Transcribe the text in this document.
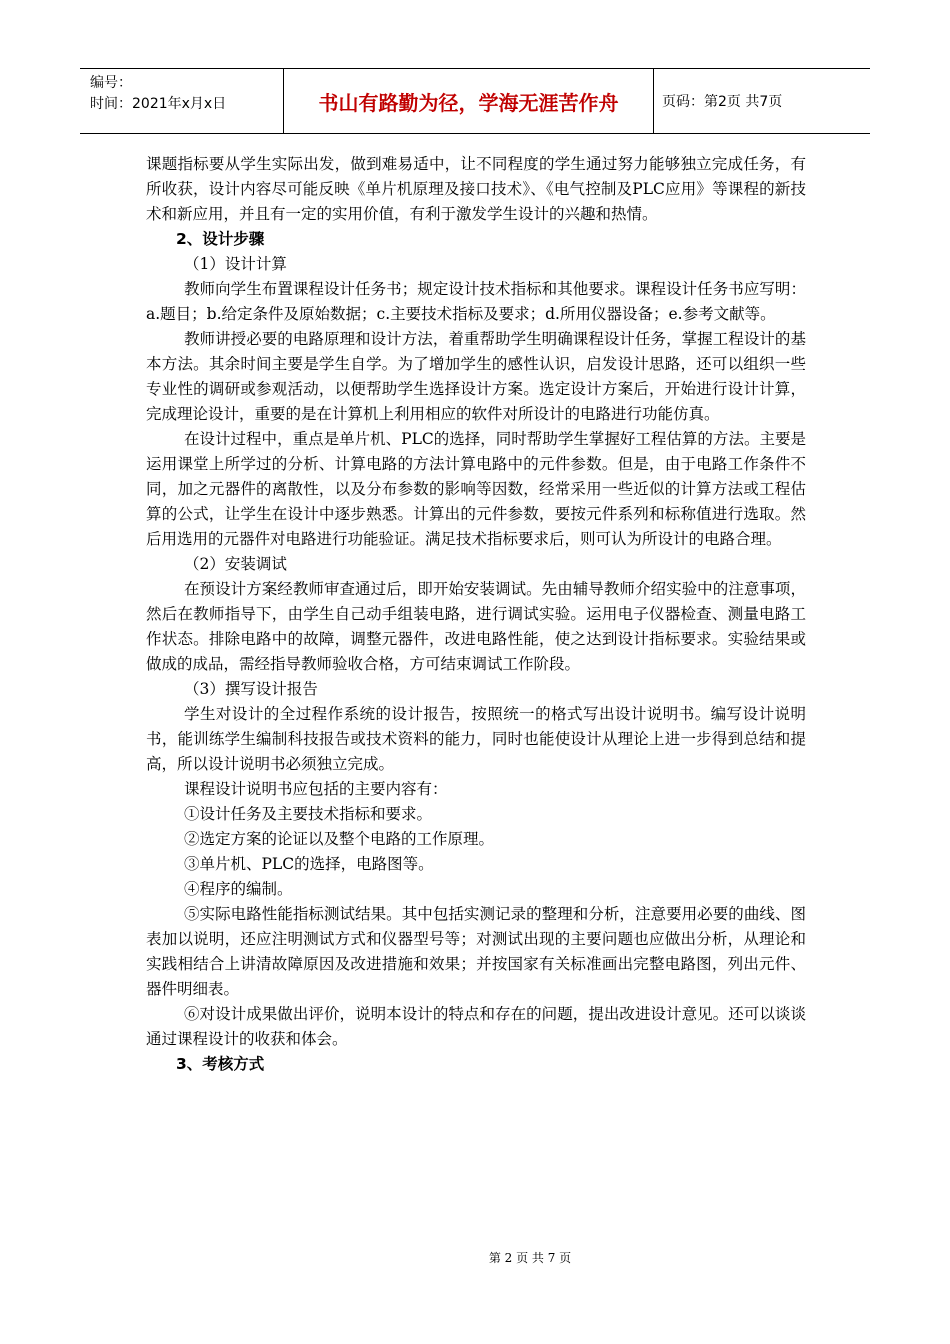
编号：
时间：2021年x月x日	书山有路勤为径，学海无涯苦作舟	页码：第2页 共7页

课题指标要从学生实际出发，做到难易适中，让不同程度的学生通过努力能够独立完成任务，有所收获，设计内容尽可能反映《单片机原理及接口技术》、《电气控制及PLC应用》等课程的新技术和新应用，并且有一定的实用价值，有利于激发学生设计的兴趣和热情。

2、设计步骤

（1）设计计算

教师向学生布置课程设计任务书；规定设计技术指标和其他要求。课程设计任务书应写明：a.题目；b.给定条件及原始数据；c.主要技术指标及要求；d.所用仪器设备；e.参考文献等。

教师讲授必要的电路原理和设计方法，着重帮助学生明确课程设计任务，掌握工程设计的基本方法。其余时间主要是学生自学。为了增加学生的感性认识，启发设计思路，还可以组织一些专业性的调研或参观活动，以便帮助学生选择设计方案。选定设计方案后，开始进行设计计算，完成理论设计，重要的是在计算机上利用相应的软件对所设计的电路进行功能仿真。

在设计过程中，重点是单片机、PLC的选择，同时帮助学生掌握好工程估算的方法。主要是运用课堂上所学过的分析、计算电路的方法计算电路中的元件参数。但是，由于电路工作条件不同，加之元器件的离散性，以及分布参数的影响等因数，经常采用一些近似的计算方法或工程估算的公式，让学生在设计中逐步熟悉。计算出的元件参数，要按元件系列和标称值进行选取。然后用选用的元器件对电路进行功能验证。满足技术指标要求后，则可认为所设计的电路合理。

（2）安装调试

在预设计方案经教师审查通过后，即开始安装调试。先由辅导教师介绍实验中的注意事项，然后在教师指导下，由学生自己动手组装电路，进行调试实验。运用电子仪器检查、测量电路工作状态。排除电路中的故障，调整元器件，改进电路性能，使之达到设计指标要求。实验结果或做成的成品，需经指导教师验收合格，方可结束调试工作阶段。

（3）撰写设计报告

学生对设计的全过程作系统的设计报告，按照统一的格式写出设计说明书。编写设计说明书，能训练学生编制科技报告或技术资料的能力，同时也能使设计从理论上进一步得到总结和提高，所以设计说明书必须独立完成。

课程设计说明书应包括的主要内容有：

①设计任务及主要技术指标和要求。

②选定方案的论证以及整个电路的工作原理。

③单片机、PLC的选择，电路图等。

④程序的编制。

⑤实际电路性能指标测试结果。其中包括实测记录的整理和分析，注意要用必要的曲线、图表加以说明，还应注明测试方式和仪器型号等；对测试出现的主要问题也应做出分析，从理论和实践相结合上讲清故障原因及改进措施和效果；并按国家有关标准画出完整电路图，列出元件、器件明细表。

⑥对设计成果做出评价，说明本设计的特点和存在的问题，提出改进设计意见。还可以谈谈通过课程设计的收获和体会。

3、考核方式

第 2 页 共 7 页
